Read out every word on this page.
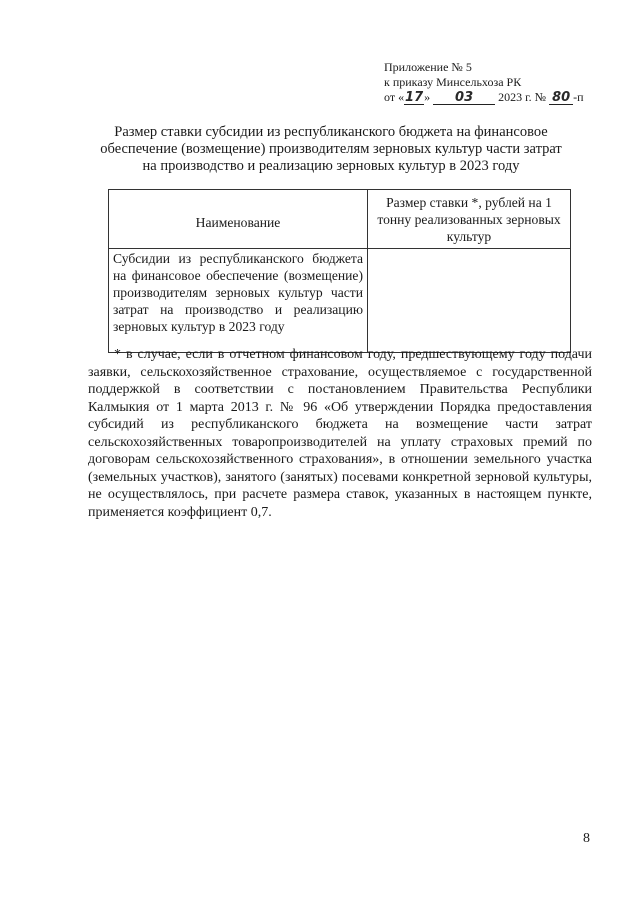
Приложение № 5
к приказу Минсельхоза РК
от «17» 03 2023 г. № 80 -п
Размер ставки субсидии из республиканского бюджета на финансовое обеспечение (возмещение) производителям зерновых культур части затрат на производство и реализацию зерновых культур в 2023 году
Наименование	Размер ставки *, рублей на 1 тонну реализованных зерновых культур
Субсидии из республиканского бюджета на финансовое обеспечение (возмещение) производителям зерновых культур части затрат на производство и реализацию зерновых культур в 2023 году	
* в случае, если в отчетном финансовом году, предшествующему году подачи заявки, сельскохозяйственное страхование, осуществляемое с государственной поддержкой в соответствии с постановлением Правительства Республики Калмыкия от 1 марта 2013 г. № 96 «Об утверждении Порядка предоставления субсидий из республиканского бюджета на возмещение части затрат сельскохозяйственных товаропроизводителей на уплату страховых премий по договорам сельскохозяйственного страхования», в отношении земельного участка (земельных участков), занятого (занятых) посевами конкретной зерновой культуры, не осуществлялось, при расчете размера ставок, указанных в настоящем пункте, применяется коэффициент 0,7.
8
